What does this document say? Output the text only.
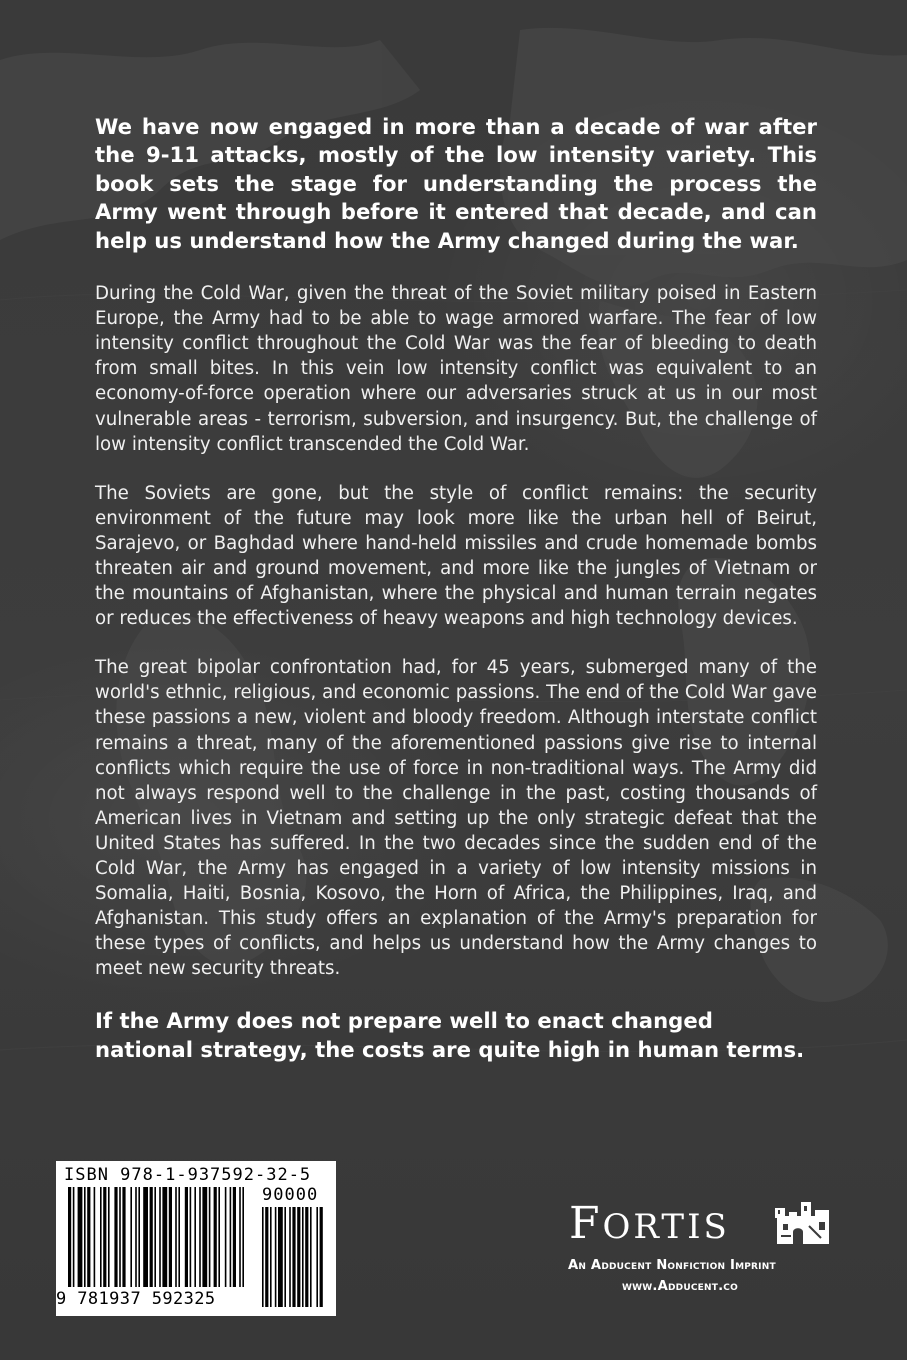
We have now engaged in more than a decade of war after the 9-11 attacks, mostly of the low intensity variety. This book sets the stage for understanding the process the Army went through before it entered that decade, and can help us understand how the Army changed during the war.

During the Cold War, given the threat of the Soviet military poised in Eastern Europe, the Army had to be able to wage armored warfare. The fear of low intensity conflict throughout the Cold War was the fear of bleeding to death from small bites. In this vein low intensity conflict was equivalent to an economy-of-force operation where our adversaries struck at us in our most vulnerable areas - terrorism, subversion, and insurgency. But, the challenge of low intensity conflict transcended the Cold War.

The Soviets are gone, but the style of conflict remains: the security environment of the future may look more like the urban hell of Beirut, Sarajevo, or Baghdad where hand-held missiles and crude homemade bombs threaten air and ground movement, and more like the jungles of Vietnam or the mountains of Afghanistan, where the physical and human terrain negates or reduces the effectiveness of heavy weapons and high technology devices.

The great bipolar confrontation had, for 45 years, submerged many of the world's ethnic, religious, and economic passions. The end of the Cold War gave these passions a new, violent and bloody freedom. Although interstate conflict remains a threat, many of the aforementioned passions give rise to internal conflicts which require the use of force in non-traditional ways. The Army did not always respond well to the challenge in the past, costing thousands of American lives in Vietnam and setting up the only strategic defeat that the United States has suffered. In the two decades since the sudden end of the Cold War, the Army has engaged in a variety of low intensity missions in Somalia, Haiti, Bosnia, Kosovo, the Horn of Africa, the Philippines, Iraq, and Afghanistan. This study offers an explanation of the Army's preparation for these types of conflicts, and helps us understand how the Army changes to meet new security threats.

If the Army does not prepare well to enact changed national strategy, the costs are quite high in human terms.

ISBN 978-1-937592-32-5
90000
9 781937 592325
FORTIS
An Adducent Nonfiction Imprint
www.Adducent.co
